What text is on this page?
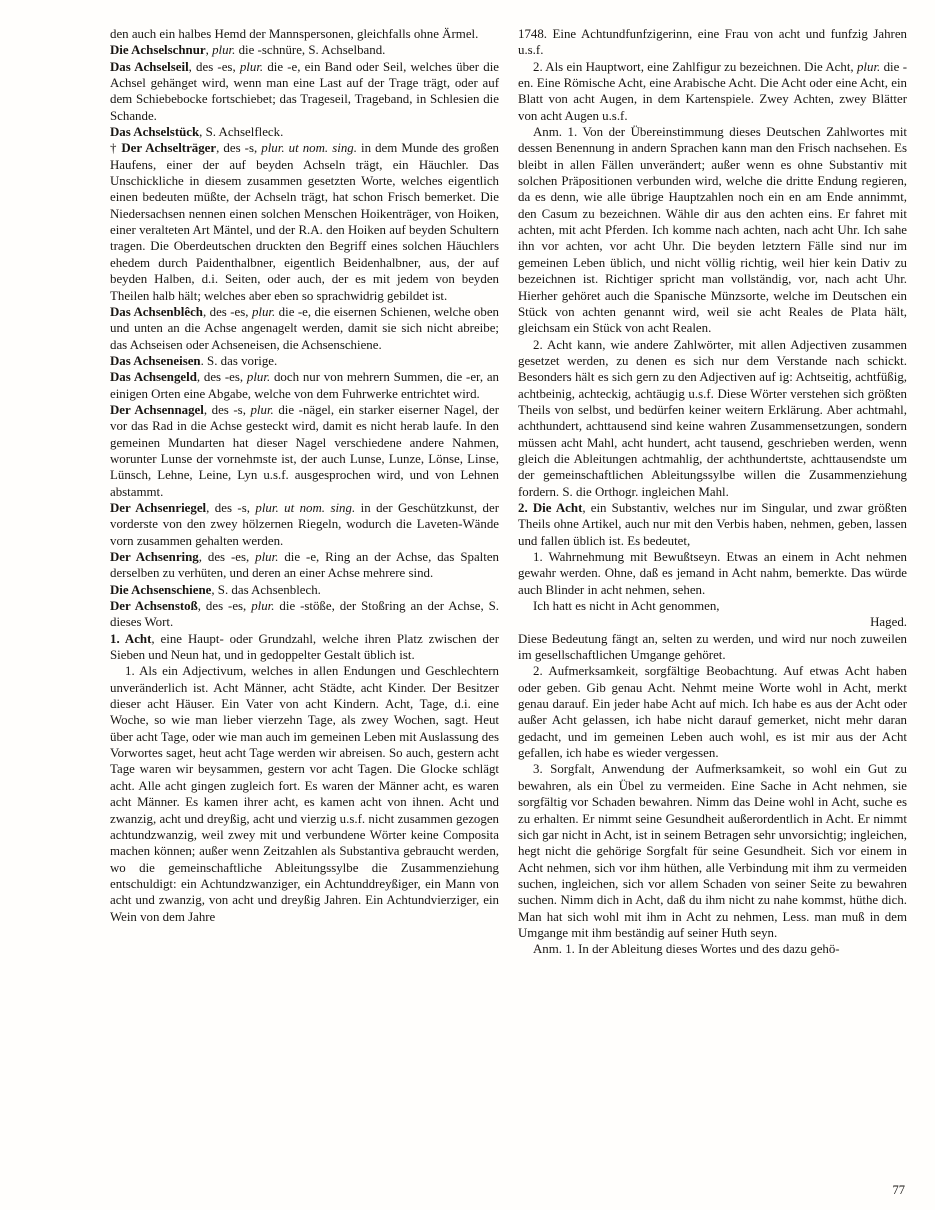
den auch ein halbes Hemd der Mannspersonen, gleichfalls ohne Ärmel.

Die Achselschnur, plur. die -schnüre, S. Achselband.

Das Achselseil, des -es, plur. die -e, ein Band oder Seil, welches über die Achsel gehänget wird, wenn man eine Last auf der Trage trägt, oder auf dem Schiebebocke fortschiebet; das Trageseil, Trageband, in Schlesien die Schande.

Das Achselstück, S. Achselfleck.

† Der Achselträger, des -s, plur. ut nom. sing. in dem Munde des großen Haufens, einer der auf beyden Achseln trägt, ein Häuchler. Das Unschickliche in diesem zusammen gesetzten Worte, welches eigentlich einen bedeuten müßte, der Achseln trägt, hat schon Frisch bemerket. Die Niedersachsen nennen einen solchen Menschen Hoikenträger, von Hoiken, einer veralteten Art Mäntel, und der R.A. den Hoiken auf beyden Schultern tragen. Die Oberdeutschen druckten den Begriff eines solchen Häuchlers ehedem durch Paidenthalbner, eigentlich Beidenhalbner, aus, der auf beyden Halben, d.i. Seiten, oder auch, der es mit jedem von beyden Theilen halb hält; welches aber eben so sprachwidrig gebildet ist.

Das Achsenblêch, des -es, plur. die -e, die eisernen Schienen, welche oben und unten an die Achse angenagelt werden, damit sie sich nicht abreibe; das Achseisen oder Achseneisen, die Achsenschiene.

Das Achseneisen. S. das vorige.

Das Achsengeld, des -es, plur. doch nur von mehrern Summen, die -er, an einigen Orten eine Abgabe, welche von dem Fuhrwerke entrichtet wird.

Der Achsennagel, des -s, plur. die -nägel, ein starker eiserner Nagel, der vor das Rad in die Achse gesteckt wird, damit es nicht herab laufe. In den gemeinen Mundarten hat dieser Nagel verschiedene andere Nahmen, worunter Lunse der vornehmste ist, der auch Lunse, Lunze, Lönse, Linse, Lünsch, Lehne, Leine, Lyn u.s.f. ausgesprochen wird, und von Lehnen abstammt.

Der Achsenriegel, des -s, plur. ut nom. sing. in der Geschützkunst, der vorderste von den zwey hölzernen Riegeln, wodurch die Laveten-Wände vorn zusammen gehalten werden.

Der Achsenring, des -es, plur. die -e, Ring an der Achse, das Spalten derselben zu verhüten, und deren an einer Achse mehrere sind.

Die Achsenschiene, S. das Achsenblech.

Der Achsenstoß, des -es, plur. die -stöße, der Stoßring an der Achse, S. dieses Wort.

1. Acht, eine Haupt- oder Grundzahl, welche ihren Platz zwischen der Sieben und Neun hat, und in gedoppelter Gestalt üblich ist.

1. Als ein Adjectivum, welches in allen Endungen und Geschlechtern unveränderlich ist. Acht Männer, acht Städte, acht Kinder. Der Besitzer dieser acht Häuser. Ein Vater von acht Kindern. Acht, Tage, d.i. eine Woche, so wie man lieber vierzehn Tage, als zwey Wochen, sagt. Heut über acht Tage, oder wie man auch im gemeinen Leben mit Auslassung des Vorwortes saget, heut acht Tage werden wir abreisen. So auch, gestern acht Tage waren wir beysammen, gestern vor acht Tagen. Die Glocke schlägt acht. Alle acht gingen zugleich fort. Es waren der Männer acht, es waren acht Männer. Es kamen ihrer acht, es kamen acht von ihnen. Acht und zwanzig, acht und dreyßig, acht und vierzig u.s.f. nicht zusammen gezogen achtundzwanzig, weil zwey mit und verbundene Wörter keine Composita machen können; außer wenn Zeitzahlen als Substantiva gebraucht werden, wo die gemeinschaftliche Ableitungssylbe die Zusammenziehung entschuldigt: ein Achtundzwanziger, ein Achtunddreyßiger, ein Mann von acht und zwanzig, von acht und dreyßig Jahren. Ein Achtundvierziger, ein Wein von dem Jahre

1748. Eine Achtundfunfzigerinn, eine Frau von acht und funfzig Jahren u.s.f.

2. Als ein Hauptwort, eine Zahlfigur zu bezeichnen. Die Acht, plur. die -en. Eine Römische Acht, eine Arabische Acht. Die Acht oder eine Acht, ein Blatt von acht Augen, in dem Kartenspiele. Zwey Achten, zwey Blätter von acht Augen u.s.f.

Anm. 1. Von der Übereinstimmung dieses Deutschen Zahlwortes mit dessen Benennung in andern Sprachen kann man den Frisch nachsehen. Es bleibt in allen Fällen unverändert; außer wenn es ohne Substantiv mit solchen Präpositionen verbunden wird, welche die dritte Endung regieren, da es denn, wie alle übrige Hauptzahlen noch ein en am Ende annimmt, den Casum zu bezeichnen. Wähle dir aus den achten eins. Er fahret mit achten, mit acht Pferden. Ich komme nach achten, nach acht Uhr. Ich sahe ihn vor achten, vor acht Uhr. Die beyden letztern Fälle sind nur im gemeinen Leben üblich, und nicht völlig richtig, weil hier kein Dativ zu bezeichnen ist. Richtiger spricht man vollständig, vor, nach acht Uhr. Hierher gehöret auch die Spanische Münzsorte, welche im Deutschen ein Stück von achten genannt wird, weil sie acht Reales de Plata hält, gleichsam ein Stück von acht Realen.

2. Acht kann, wie andere Zahlwörter, mit allen Adjectiven zusammen gesetzet werden, zu denen es sich nur dem Verstande nach schickt. Besonders hält es sich gern zu den Adjectiven auf ig: Achtseitig, achtfüßig, achtbeinig, achteckig, achtäugig u.s.f. Diese Wörter verstehen sich größten Theils von selbst, und bedürfen keiner weitern Erklärung. Aber achtmahl, achthundert, achttausend sind keine wahren Zusammensetzungen, sondern müssen acht Mahl, acht hundert, acht tausend, geschrieben werden, wenn gleich die Ableitungen achtmahlig, der achthundertste, achttausendste um der gemeinschaftlichen Ableitungssylbe willen die Zusammenziehung fordern. S. die Orthogr. ingleichen Mahl.

2. Die Acht, ein Substantiv, welches nur im Singular, und zwar größten Theils ohne Artikel, auch nur mit den Verbis haben, nehmen, geben, lassen und fallen üblich ist. Es bedeutet,

1. Wahrnehmung mit Bewußtseyn. Etwas an einem in Acht nehmen gewahr werden. Ohne, daß es jemand in Acht nahm, bemerkte. Das würde auch Blinder in acht nehmen, sehen.

Ich hatt es nicht in Acht genommen,

Haged.

Diese Bedeutung fängt an, selten zu werden, und wird nur noch zuweilen im gesellschaftlichen Umgange gehöret.

2. Aufmerksamkeit, sorgfältige Beobachtung. Auf etwas Acht haben oder geben. Gib genau Acht. Nehmt meine Worte wohl in Acht, merkt genau darauf. Ein jeder habe Acht auf mich. Ich habe es aus der Acht oder außer Acht gelassen, ich habe nicht darauf gemerket, nicht mehr daran gedacht, und im gemeinen Leben auch wohl, es ist mir aus der Acht gefallen, ich habe es wieder vergessen.

3. Sorgfalt, Anwendung der Aufmerksamkeit, so wohl ein Gut zu bewahren, als ein Übel zu vermeiden. Eine Sache in Acht nehmen, sie sorgfältig vor Schaden bewahren. Nimm das Deine wohl in Acht, suche es zu erhalten. Er nimmt seine Gesundheit außerordentlich in Acht. Er nimmt sich gar nicht in Acht, ist in seinem Betragen sehr unvorsichtig; ingleichen, hegt nicht die gehörige Sorgfalt für seine Gesundheit. Sich vor einem in Acht nehmen, sich vor ihm hüthen, alle Verbindung mit ihm zu vermeiden suchen, ingleichen, sich vor allem Schaden von seiner Seite zu bewahren suchen. Nimm dich in Acht, daß du ihm nicht zu nahe kommst, hüthe dich. Man hat sich wohl mit ihm in Acht zu nehmen, Less. man muß in dem Umgange mit ihm beständig auf seiner Huth seyn.

Anm. 1. In der Ableitung dieses Wortes und des dazu gehö-

77
